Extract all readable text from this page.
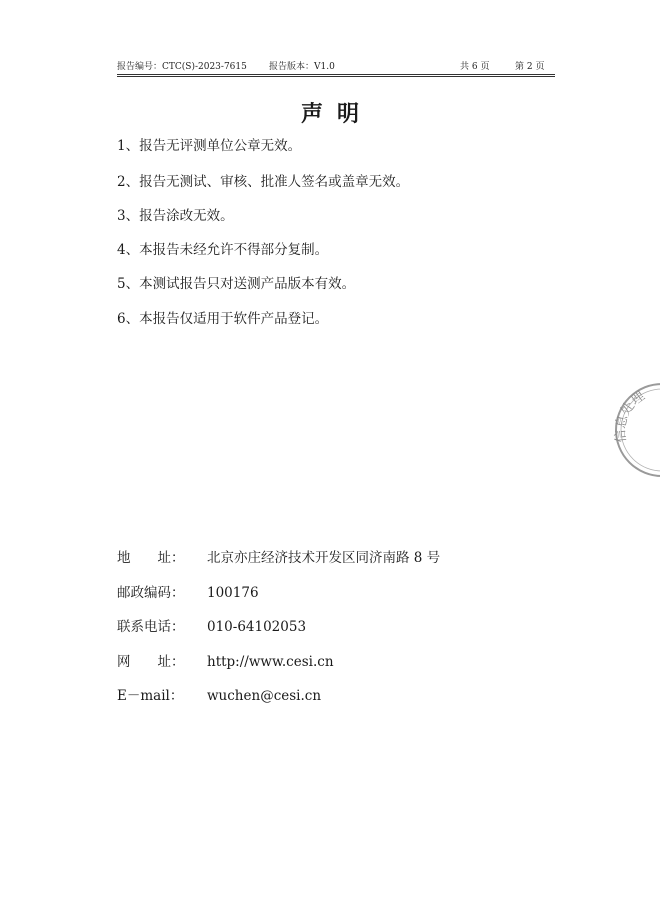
报告编号：CTC(S)-2023-7615 报告版本：V1.0	共 6 页	第 2 页
声明
1、报告无评测单位公章无效。
2、报告无测试、审核、批准人签名或盖章无效。
3、报告涂改无效。
4、本报告未经允许不得部分复制。
5、本测试报告只对送测产品版本有效。
6、本报告仅适用于软件产品登记。
地　　址： 北京亦庄经济技术开发区同济南路 8 号
邮政编码： 100176
联系电话： 010-64102053
网　　址： http://www.cesi.cn
E－mail： wuchen@cesi.cn
信息处理
